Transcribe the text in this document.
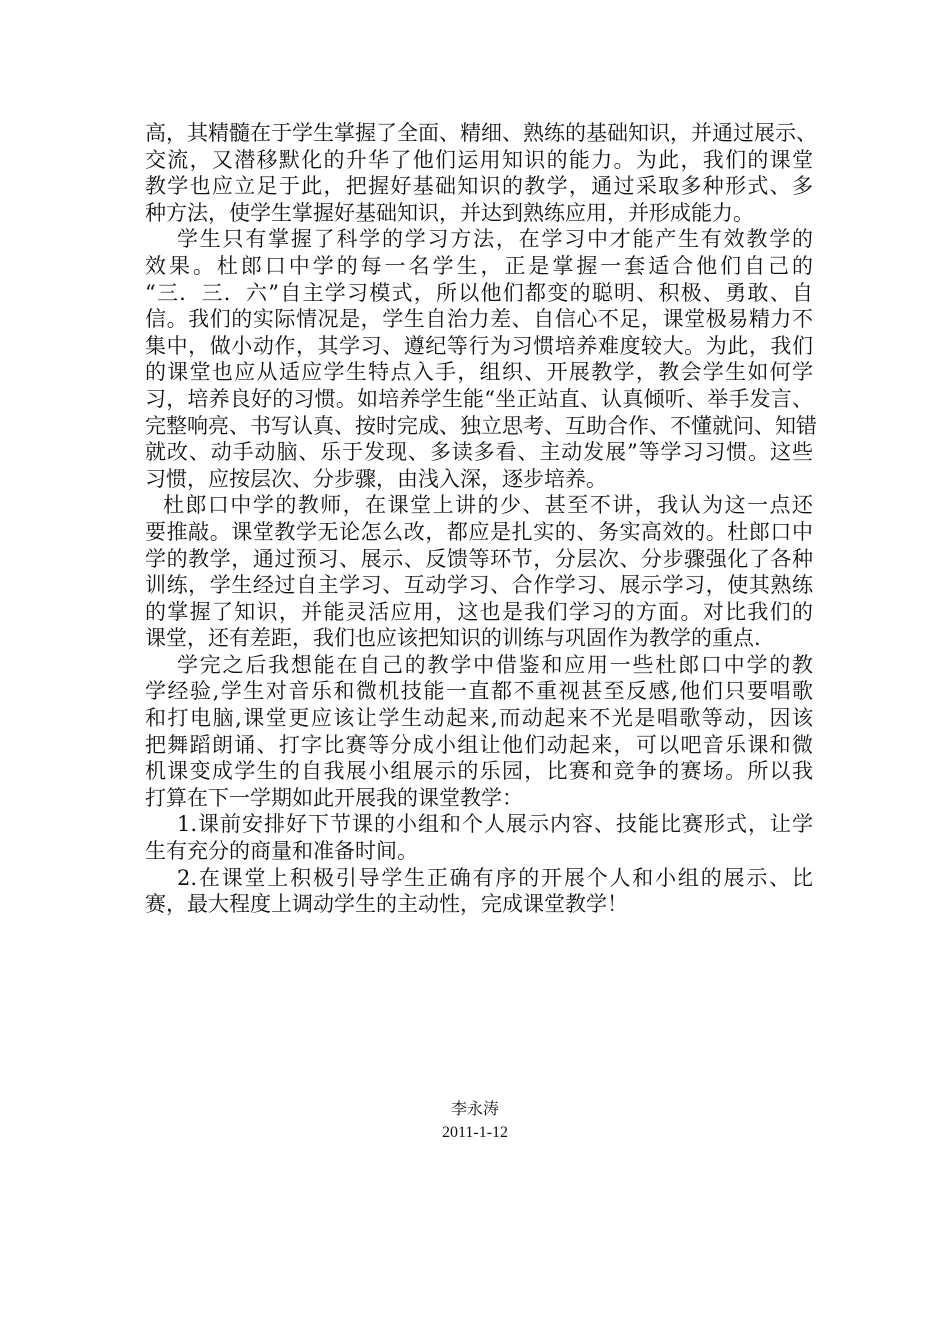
高，其精髓在于学生掌握了全面、精细、熟练的基础知识，并通过展示、
交流，又潜移默化的升华了他们运用知识的能力。为此，我们的课堂
教学也应立足于此，把握好基础知识的教学，通过采取多种形式、多
种方法，使学生掌握好基础知识，并达到熟练应用，并形成能力。
学生只有掌握了科学的学习方法，在学习中才能产生有效教学的
效果。杜郎口中学的每一名学生，正是掌握一套适合他们自己的
“三．三．六”自主学习模式，所以他们都变的聪明、积极、勇敢、自
信。我们的实际情况是，学生自治力差、自信心不足，课堂极易精力不
集中，做小动作，其学习、遵纪等行为习惯培养难度较大。为此，我们
的课堂也应从适应学生特点入手，组织、开展教学，教会学生如何学
习，培养良好的习惯。如培养学生能“坐正站直、认真倾听、举手发言、
完整响亮、书写认真、按时完成、独立思考、互助合作、不懂就问、知错
就改、动手动脑、乐于发现、多读多看、主动发展”等学习习惯。这些
习惯，应按层次、分步骤，由浅入深，逐步培养。
杜郎口中学的教师，在课堂上讲的少、甚至不讲，我认为这一点还
要推敲。课堂教学无论怎么改，都应是扎实的、务实高效的。杜郎口中
学的教学，通过预习、展示、反馈等环节，分层次、分步骤强化了各种
训练，学生经过自主学习、互动学习、合作学习、展示学习，使其熟练
的掌握了知识，并能灵活应用，这也是我们学习的方面。对比我们的
课堂，还有差距，我们也应该把知识的训练与巩固作为教学的重点.
学完之后我想能在自己的教学中借鉴和应用一些杜郎口中学的教
学经验,学生对音乐和微机技能一直都不重视甚至反感,他们只要唱歌
和打电脑,课堂更应该让学生动起来,而动起来不光是唱歌等动，因该
把舞蹈朗诵、打字比赛等分成小组让他们动起来，可以吧音乐课和微
机课变成学生的自我展小组展示的乐园，比赛和竞争的赛场。所以我
打算在下一学期如此开展我的课堂教学：
1.课前安排好下节课的小组和个人展示内容、技能比赛形式，让学
生有充分的商量和准备时间。
2.在课堂上积极引导学生正确有序的开展个人和小组的展示、比
赛，最大程度上调动学生的主动性，完成课堂教学！
李永涛
2011-1-12
